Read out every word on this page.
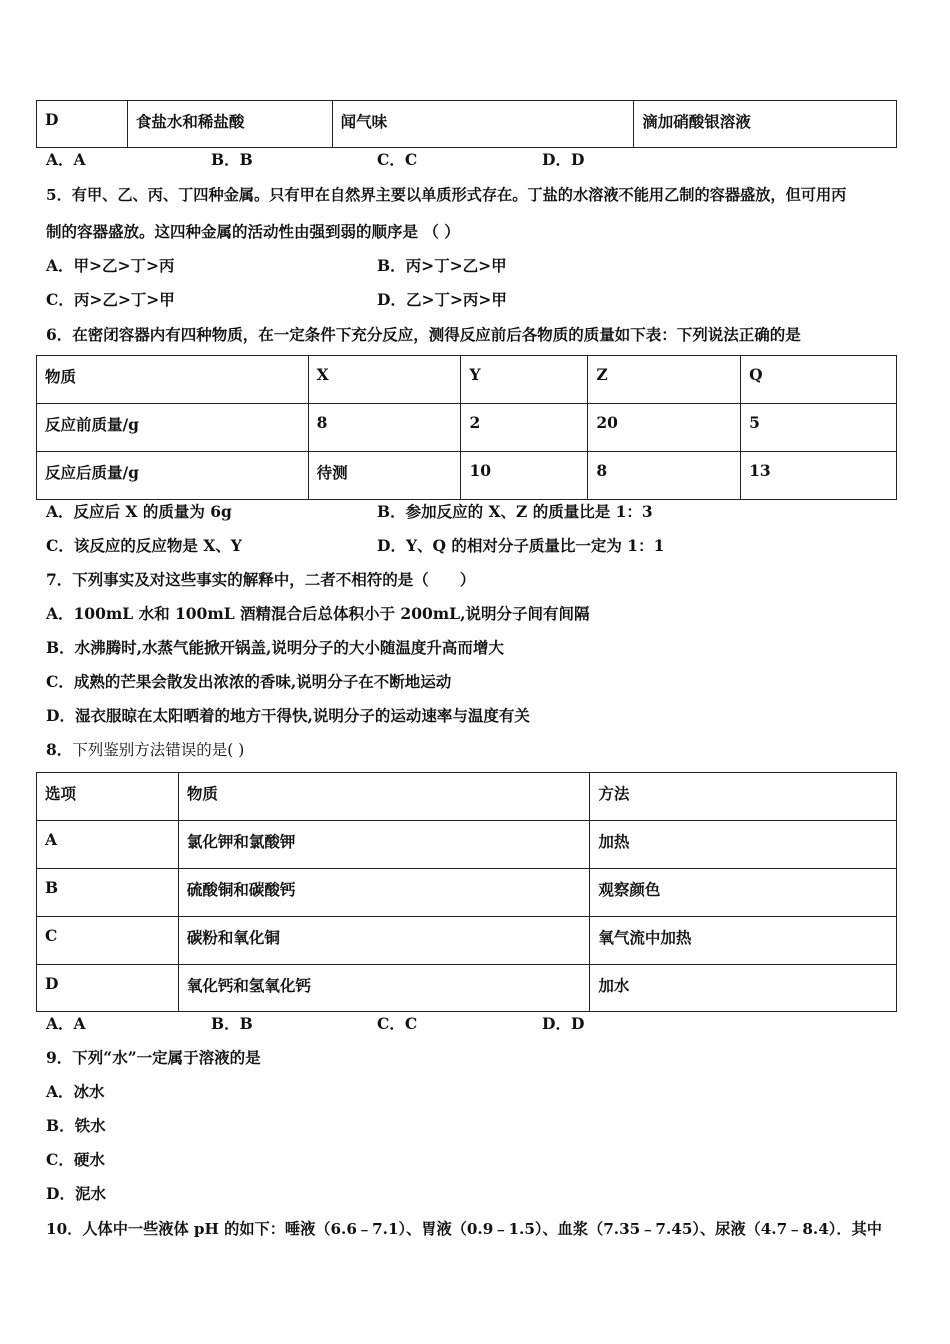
D	食盐水和稀盐酸	闻气味	滴加硝酸银溶液
A．A	B．B	C．C	D．D
5．有甲、乙、丙、丁四种金属。只有甲在自然界主要以单质形式存在。丁盐的水溶液不能用乙制的容器盛放，但可用丙
制的容器盛放。这四种金属的活动性由强到弱的顺序是 （ ）
A．甲>乙>丁>丙	B．丙>丁>乙>甲
C．丙>乙>丁>甲	D．乙>丁>丙>甲
6．在密闭容器内有四种物质，在一定条件下充分反应，测得反应前后各物质的质量如下表：下列说法正确的是
物质	X	Y	Z	Q
反应前质量/g	8	2	20	5
反应后质量/g	待测	10	8	13
A．反应后 X 的质量为 6g	B．参加反应的 X、Z 的质量比是 1：3
C．该反应的反应物是 X、Y	D．Y、Q 的相对分子质量比一定为 1：1
7．下列事实及对这些事实的解释中，二者不相符的是（　　）
A．100mL 水和 100mL 酒精混合后总体积小于 200mL,说明分子间有间隔
B．水沸腾时,水蒸气能掀开锅盖,说明分子的大小随温度升高而增大
C．成熟的芒果会散发出浓浓的香味,说明分子在不断地运动
D．湿衣服晾在太阳晒着的地方干得快,说明分子的运动速率与温度有关
8．下列鉴别方法错误的是( )
选项	物质	方法
A	氯化钾和氯酸钾	加热
B	硫酸铜和碳酸钙	观察颜色
C	碳粉和氧化铜	氧气流中加热
D	氧化钙和氢氧化钙	加水
A．A	B．B	C．C	D．D
9．下列“水”一定属于溶液的是
A．冰水
B．铁水
C．硬水
D．泥水
10．人体中一些液体 pH 的如下：唾液（6.6﹣7.1）、胃液（0.9﹣1.5）、血浆（7.35﹣7.45）、尿液（4.7﹣8.4）．其中
